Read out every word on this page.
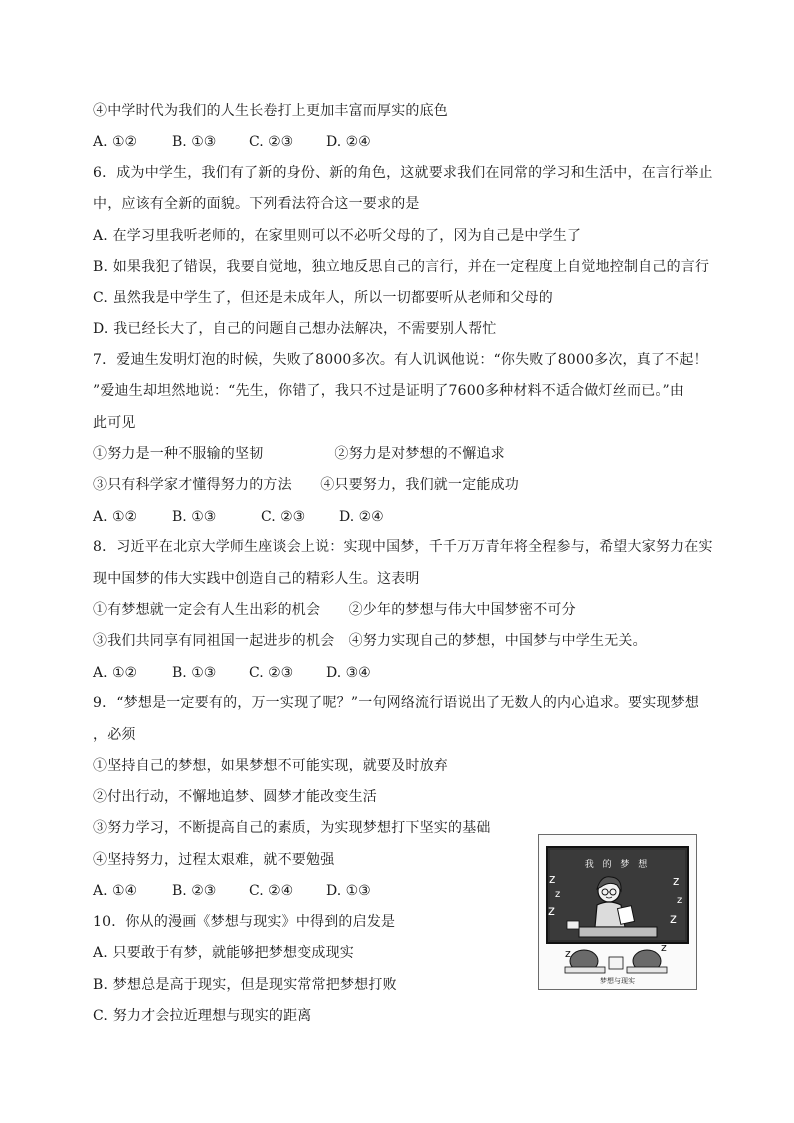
④中学时代为我们的人生长卷打上更加丰富而厚实的底色
A. ①② B. ①③ C. ②③ D. ②④
6．成为中学生，我们有了新的身份、新的角色，这就要求我们在同常的学习和生活中，在言行举止
中，应该有全新的面貌。下列看法符合这一要求的是
A. 在学习里我听老师的，在家里则可以不必听父母的了，冈为自己是中学生了
B. 如果我犯了错误，我要自觉地，独立地反思自己的言行，并在一定程度上自觉地控制自己的言行
C. 虽然我是中学生了，但还是未成年人，所以一切都要听从老师和父母的
D. 我已经长大了，自己的问题自己想办法解决，不需要别人帮忙
7．爱迪生发明灯泡的时候，失败了8000多次。有人讥讽他说：“你失败了8000多次，真了不起！
”爱迪生却坦然地说：“先生，你错了，我只不过是证明了7600多种材料不适合做灯丝而已。”由
此可见
①努力是一种不服输的坚韧　　　　　②努力是对梦想的不懈追求
③只有科学家才懂得努力的方法　　④只要努力，我们就一定能成功
A. ①② B. ①③	C. ②③ D. ②④
8．习近平在北京大学师生座谈会上说：实现中国梦，千千万万青年将全程参与，希望大家努力在实
现中国梦的伟大实践中创造自己的精彩人生。这表明
①有梦想就一定会有人生出彩的机会　　②少年的梦想与伟大中国梦密不可分
③我们共同享有同祖国一起进步的机会　④努力实现自己的梦想，中国梦与中学生无关。
A. ①② B. ①③ C. ②③ D. ③④
9．“梦想是一定要有的，万一实现了呢？”一句网络流行语说出了无数人的内心追求。要实现梦想
，必须
①坚持自己的梦想，如果梦想不可能实现，就要及时放弃
②付出行动，不懈地追梦、圆梦才能改变生活
③努力学习，不断提高自己的素质，为实现梦想打下坚实的基础
④坚持努力，过程太艰难，就不要勉强
A. ①④ B. ②③ C. ②④ D. ①③
10．你从的漫画《梦想与现实》中得到的启发是
A. 只要敢于有梦，就能够把梦想变成现实
B. 梦想总是高于现实，但是现实常常把梦想打败
C. 努力才会拉近理想与现实的距离
z
z
z
z
z
z
z	z
我 的 梦 想
梦想与现实
